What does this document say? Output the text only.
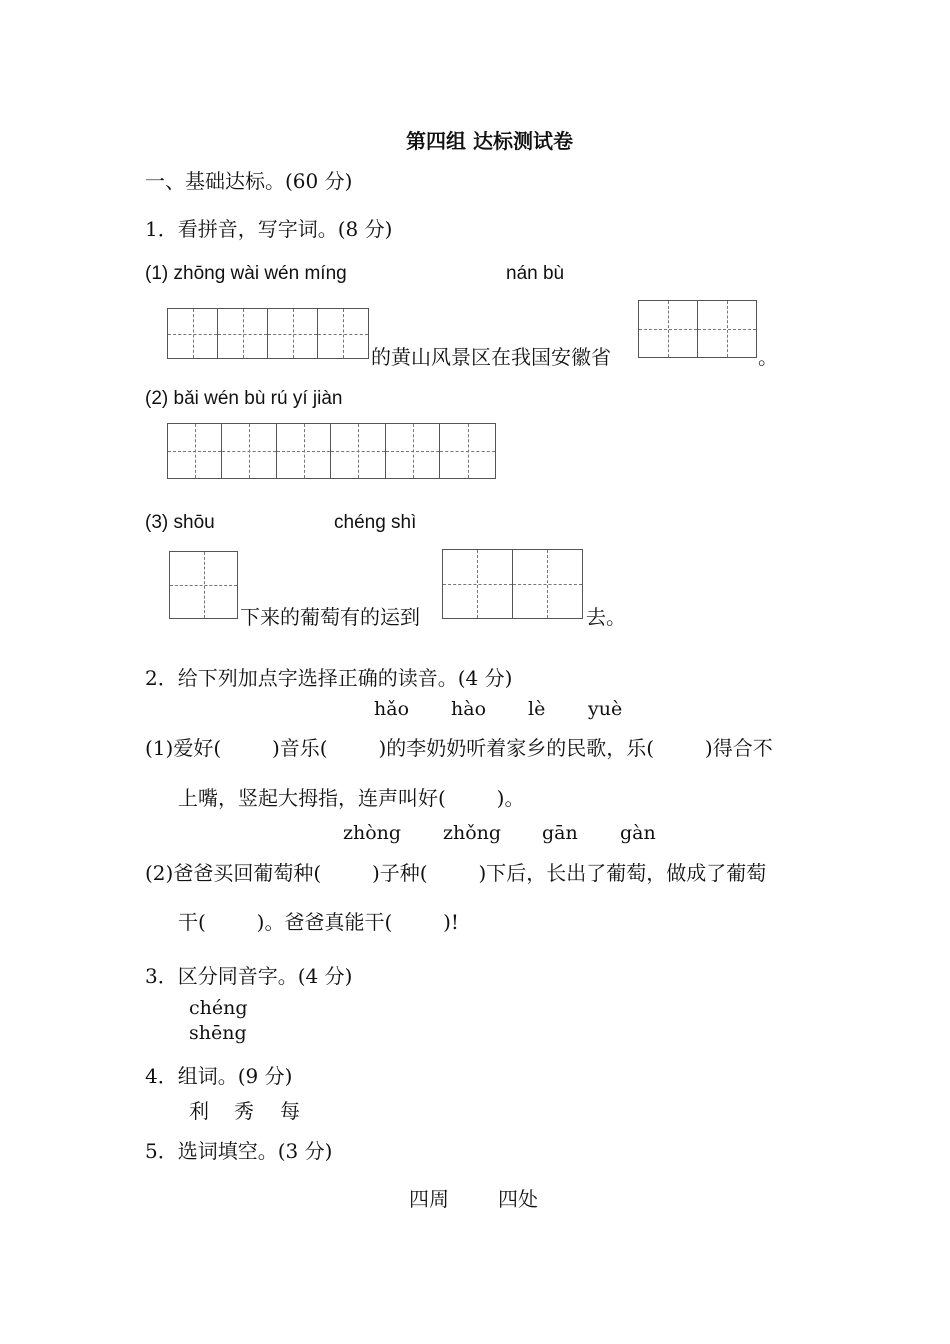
第四组 达标测试卷
一、基础达标。(60 分)
1．看拼音，写字词。(8 分)
(1) zhōng wài wén míng	nán bù
的黄山风景区在我国安徽省	。
(2) bǎi wén bù rú yí jiàn
(3) shōu	chéng shì
下来的葡萄有的运到	去。
2．给下列加点字选择正确的读音。(4 分)
hǎo hào lè yuè
(1)爱好(        )音乐(        )的李奶奶听着家乡的民歌，乐(        )得合不
上嘴，竖起大拇指，连声叫好(        )。
zhòng zhǒng gān gàn
(2)爸爸买回葡萄种(        )子种(        )下后，长出了葡萄，做成了葡萄
干(        )。爸爸真能干(        )!
3．区分同音字。(4 分)
chéng
shēng
4．组词。(9 分)
利 秀 每
5．选词填空。(3 分)
四周 四处
